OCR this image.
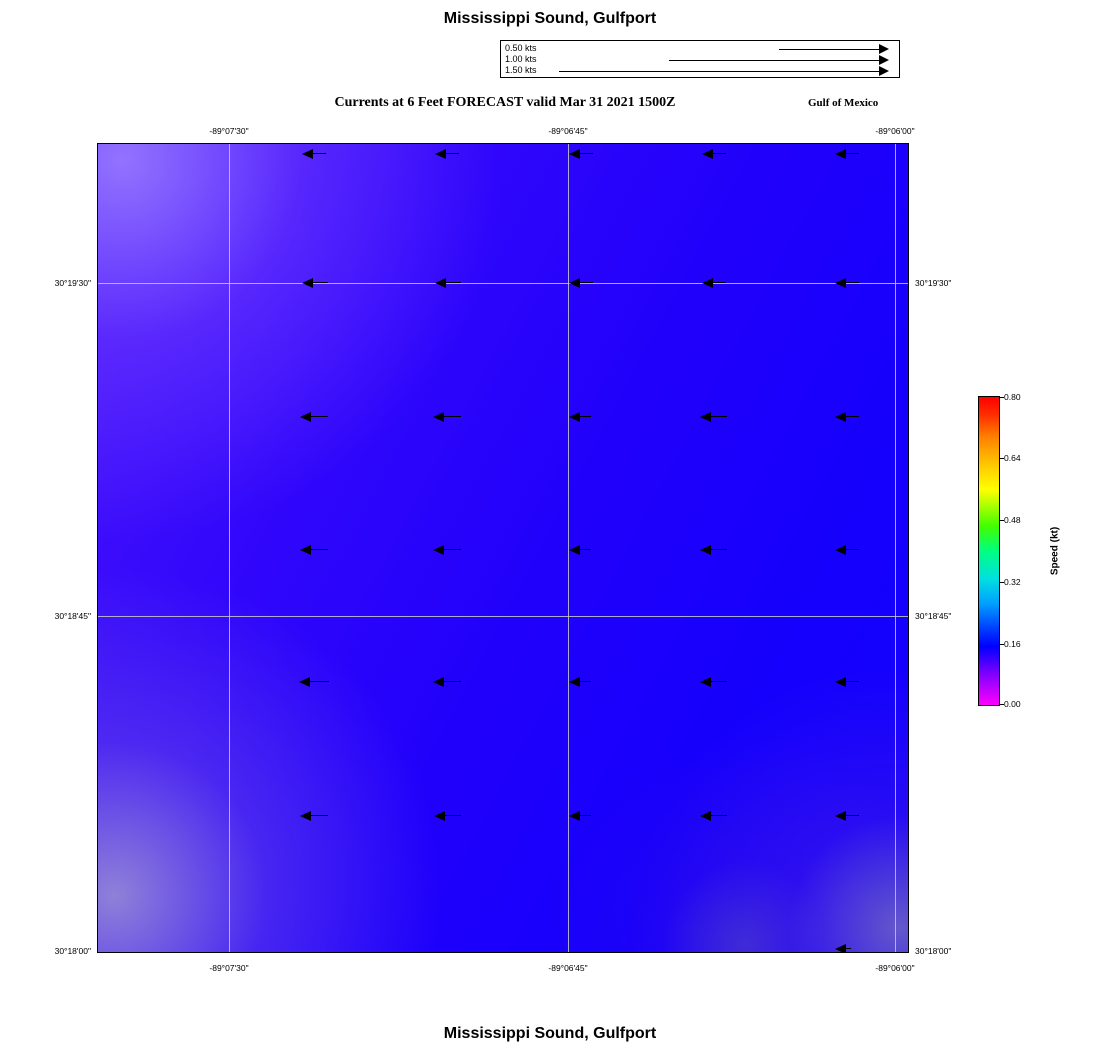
Mississippi Sound, Gulfport
0.50 kts
1.00 kts
1.50 kts
Currents at 6 Feet FORECAST valid Mar 31 2021 1500Z	Gulf of Mexico
-89°07'30"	-89°06'45"	-89°06'00"
-89°07'30"	-89°06'45"	-89°06'00"
30°19'30"
30°18'45"
30°18'00"
30°19'30"
30°18'45"
30°18'00"
0.80
0.64
0.48
0.32
0.16
0.00
Speed (kt)
Mississippi Sound, Gulfport
